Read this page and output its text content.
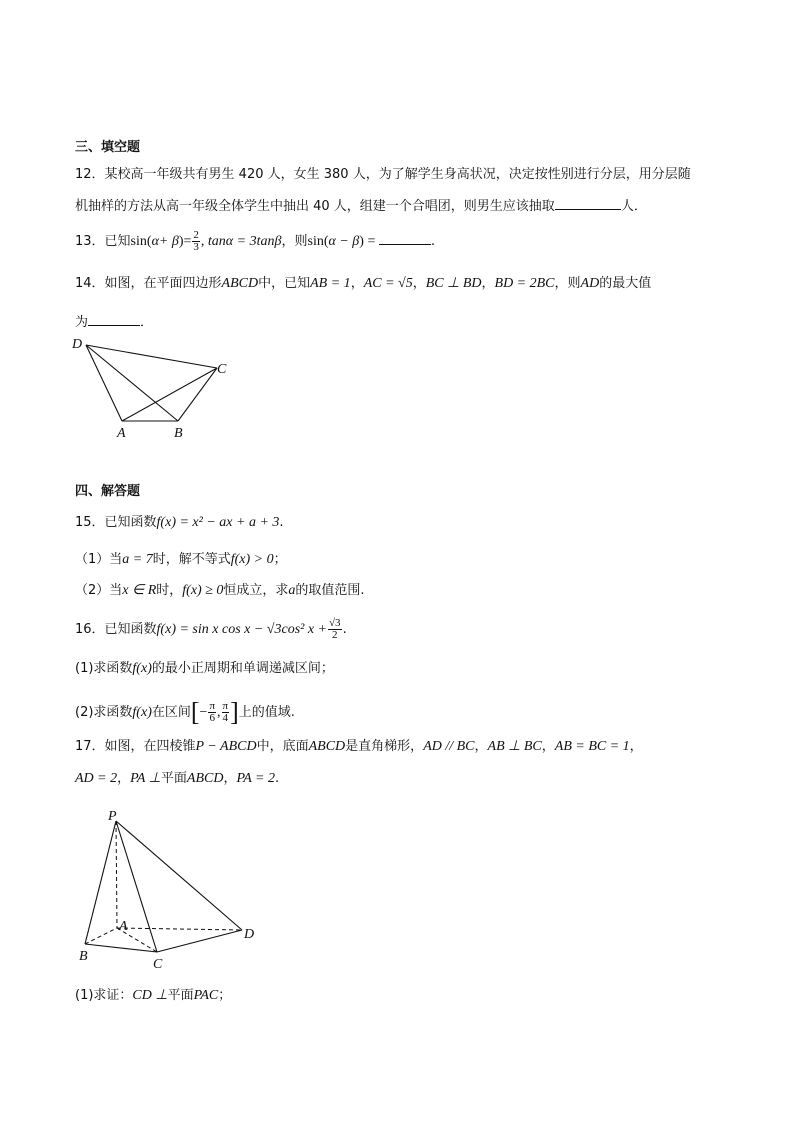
三、填空题
12．某校高一年级共有男生 420 人，女生 380 人，为了解学生身高状况，决定按性别进行分层，用分层随
机抽样的方法从高一年级全体学生中抽出 40 人，组建一个合唱团，则男生应该抽取	人．
13．已知$\sin(\alpha+ \beta)= \frac{2}{3}$ , tanα = 3tanβ，则sin(α − β) =	.
14．如图，在平面四边形ABCD中，已知AB = 1，AC = √5，BC ⊥ BD，BD = 2BC，则AD的最大值
为	．
D
C
A	B
四、解答题
15．已知函数f(x) = x² − ax + a + 3.
（1）当a = 7时，解不等式f(x) > 0；
（2）当x ∈ R时，f(x) ≥ 0恒成立，求a的取值范围.
16．已知函数f(x) = sin x cos x − √3cos² $x + \frac{√3}{2}$ .
(1)求函数f(x)的最小正周期和单调递减区间；
(2)求函数f(x)在区间[− $\frac{\pi}{6}$ , $\frac{\pi}{4}$ ]上的值域.
17．如图，在四棱锥P − ABCD中，底面ABCD是直角梯形，AD // BC，AB ⊥ BC，AB = BC = 1，
AD = 2，PA ⊥平面ABCD，PA = 2.
P
A
B
C
D
(1)求证：CD ⊥平面PAC；
